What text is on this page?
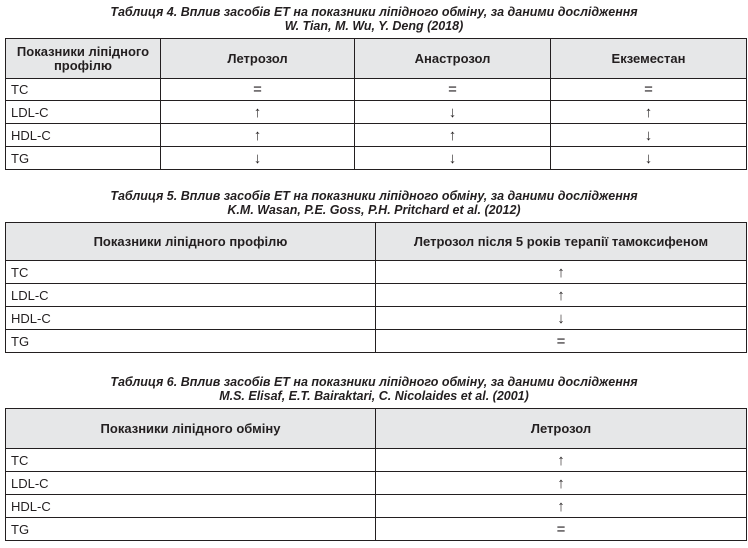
Таблиця 4. Вплив засобів ЕТ на показники ліпідного обміну, за даними дослідження
W. Tian, M. Wu, Y. Deng (2018)
Показники ліпідного профілю	Летрозол	Анастрозол	Екземестан
TC	=	=	=
LDL-C	↑	↓	↑
HDL-C	↑	↑	↓
TG	↓	↓	↓
Таблиця 5. Вплив засобів ЕТ на показники ліпідного обміну, за даними дослідження
K.M. Wasan, P.E. Goss, P.H. Pritchard et al. (2012)
Показники ліпідного профілю	Летрозол після 5 років терапії тамоксифеном
TC	↑
LDL-C	↑
HDL-C	↓
TG	=
Таблиця 6. Вплив засобів ЕТ на показники ліпідного обміну, за даними дослідження
M.S. Elisaf, E.T. Bairaktari, C. Nicolaides et al. (2001)
Показники ліпідного обміну	Летрозол
TC	↑
LDL-C	↑
HDL-C	↑
TG	=
